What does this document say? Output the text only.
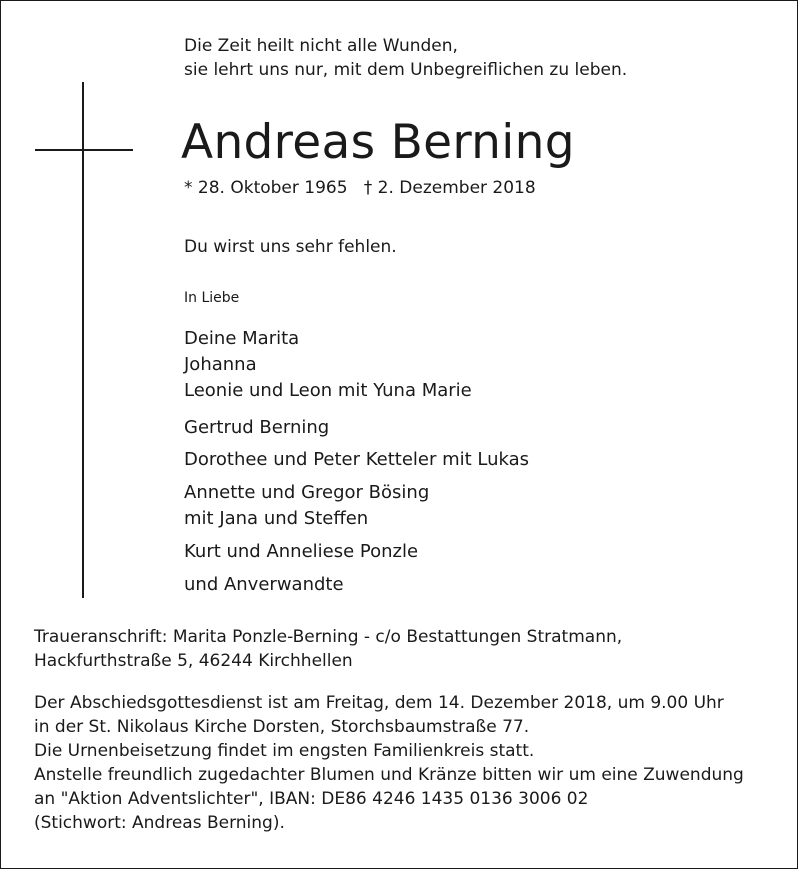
Die Zeit heilt nicht alle Wunden,
sie lehrt uns nur, mit dem Unbegreiflichen zu leben.
Andreas Berning
* 28. Oktober 1965 † 2. Dezember 2018
Du wirst uns sehr fehlen.
In Liebe
Deine Marita
Johanna
Leonie und Leon mit Yuna Marie
Gertrud Berning
Dorothee und Peter Ketteler mit Lukas
Annette und Gregor Bösing
mit Jana und Steffen
Kurt und Anneliese Ponzle
und Anverwandte
Traueranschrift: Marita Ponzle-Berning - c/o Bestattungen Stratmann,
Hackfurthstraße 5, 46244 Kirchhellen
Der Abschiedsgottesdienst ist am Freitag, dem 14. Dezember 2018, um 9.00 Uhr
in der St. Nikolaus Kirche Dorsten, Storchsbaumstraße 77.
Die Urnenbeisetzung findet im engsten Familienkreis statt.
Anstelle freundlich zugedachter Blumen und Kränze bitten wir um eine Zuwendung
an "Aktion Adventslichter", IBAN: DE86 4246 1435 0136 3006 02
(Stichwort: Andreas Berning).
